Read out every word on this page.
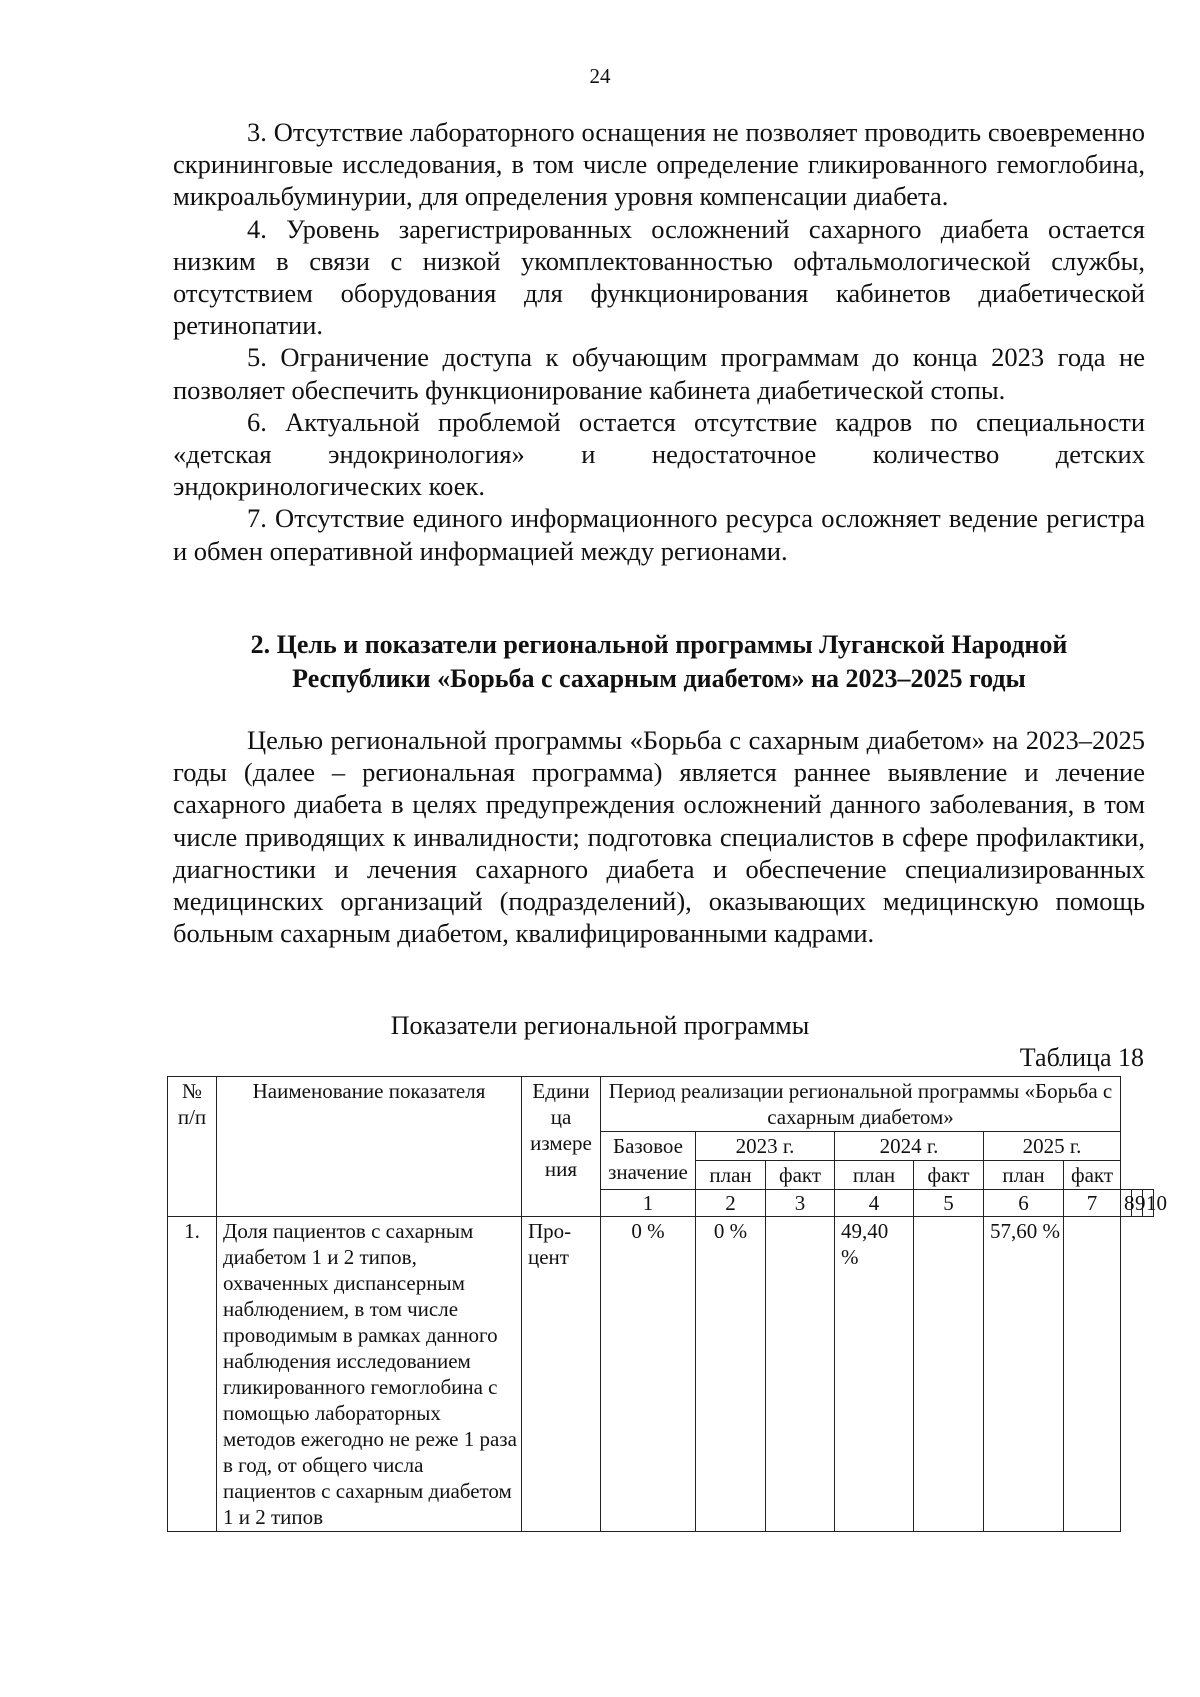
24

3. Отсутствие лабораторного оснащения не позволяет проводить своевременно скрининговые исследования, в том числе определение гликированного гемоглобина, микроальбуминурии, для определения уровня компенсации диабета.

4. Уровень зарегистрированных осложнений сахарного диабета остается низким в связи с низкой укомплектованностью офтальмологической службы, отсутствием оборудования для функционирования кабинетов диабетической ретинопатии.

5. Ограничение доступа к обучающим программам до конца 2023 года не позволяет обеспечить функционирование кабинета диабетической стопы.

6. Актуальной проблемой остается отсутствие кадров по специальности «детская эндокринология» и недостаточное количество детских эндокринологических коек.

7. Отсутствие единого информационного ресурса осложняет ведение регистра и обмен оперативной информацией между регионами.

2. Цель и показатели региональной программы Луганской Народной
Республики «Борьба с сахарным диабетом» на 2023–2025 годы

Целью региональной программы «Борьба с сахарным диабетом» на 2023–2025 годы (далее – региональная программа) является раннее выявление и лечение сахарного диабета в целях предупреждения осложнений данного заболевания, в том числе приводящих к инвалидности; подготовка специалистов в сфере профилактики, диагностики и лечения сахарного диабета и обеспечение специализированных медицинских организаций (подразделений), оказывающих медицинскую помощь больным сахарным диабетом, квалифицированными кадрами.

Показатели региональной программы
Таблица 18
№ п/п	Наименование показателя	Едини ца измере ния	Период реализации региональной программы «Борьба с сахарным диабетом»									
			Базовое значение	2023 г.		2024 г.		2025 г.				
				план	факт	план	факт	план	факт			
			1	2	3	4	5	6	7	8	9	10
1.	Доля пациентов с сахарным диабетом 1 и 2 типов, охваченных диспансерным наблюдением, в том числе проводимым в рамках данного наблюдения исследованием гликированного гемоглобина с помощью лабораторных методов ежегодно не реже 1 раза в год, от общего числа пациентов с сахарным диабетом 1 и 2 типов	Про-цент	0 %	0 %		49,40 %		57,60 %				
